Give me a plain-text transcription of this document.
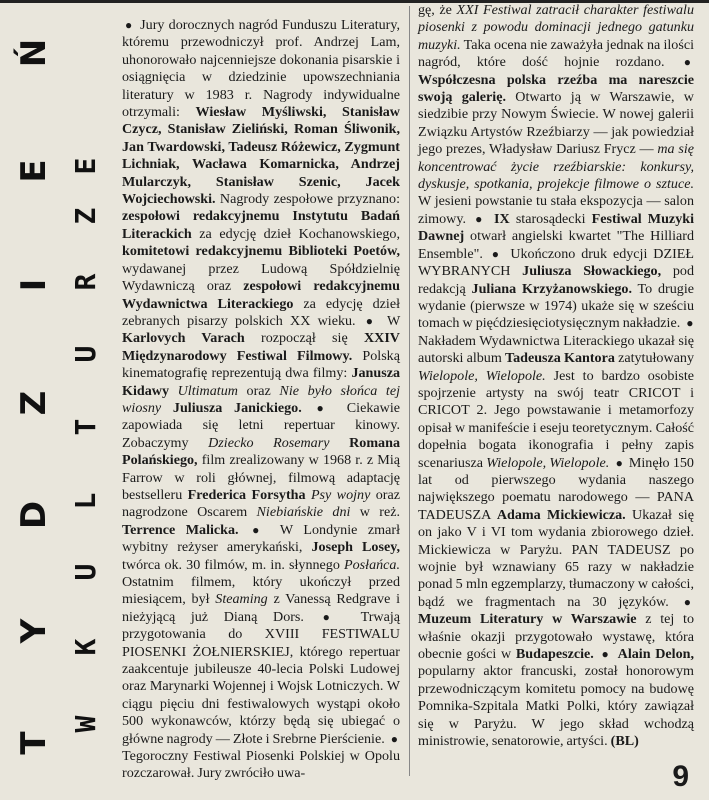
T
Y
D
Z
I
E
Ń
W
K
U
L
T
U
R
Z
E

● Jury dorocznych nagród Funduszu Literatury, któremu przewodniczył prof. Andrzej Lam, uhonorowało najcenniejsze dokonania pisarskie i osiągnięcia w dziedzinie upowszechniania literatury w 1983 r. Nagrody indywidualne otrzymali: Wiesław Myśliwski, Stanisław Czycz, Stanisław Zieliński, Roman Śliwonik, Jan Twardowski, Tadeusz Różewicz, Zygmunt Lichniak, Wacława Komarnicka, Andrzej Mularczyk, Stanisław Szenic, Jacek Wojciechowski. Nagrody zespołowe przyznano: zespołowi redakcyjnemu Instytutu Badań Literackich za edycję dzieł Kochanowskiego, komitetowi redakcyjnemu Biblioteki Poetów, wydawanej przez Ludową Spółdzielnię Wydawniczą oraz zespołowi redakcyjnemu Wydawnictwa Literackiego za edycję dzieł zebranych pisarzy polskich XX wieku. ● W Karlovych Varach rozpoczął się XXIV Międzynarodowy Festiwal Filmowy. Polską kinematografię reprezentują dwa filmy: Janusza Kidawy Ultimatum oraz Nie było słońca tej wiosny Juliusza Janickiego. ● Ciekawie zapowiada się letni repertuar kinowy. Zobaczymy Dziecko Rosemary Romana Polańskiego, film zrealizowany w 1968 r. z Mią Farrow w roli głównej, filmową adaptację bestselleru Frederica Forsytha Psy wojny oraz nagrodzone Oscarem Niebiańskie dni w reż. Terrence Malicka. ● W Londynie zmarł wybitny reżyser amerykański, Joseph Losey, twórca ok. 30 filmów, m. in. słynnego Posłańca. Ostatnim filmem, który ukończył przed miesiącem, był Steaming z Vanessą Redgrave i nieżyjącą już Dianą Dors. ● Trwają przygotowania do XVIII FESTIWALU PIOSENKI ŻOŁNIERSKIEJ, którego repertuar zaakcentuje jubileusze 40-lecia Polski Ludowej oraz Marynarki Wojennej i Wojsk Lotniczych. W ciągu pięciu dni festiwalowych wystąpi około 500 wykonawców, którzy będą się ubiegać o główne nagrody — Złote i Srebrne Pierścienie. ● Tegoroczny Festiwal Piosenki Polskiej w Opolu rozczarował. Jury zwróciło uwa-

gę, że XXI Festiwal zatracił charakter festiwalu piosenki z powodu dominacji jednego gatunku muzyki. Taka ocena nie zaważyła jednak na ilości nagród, które dość hojnie rozdano. ● Współczesna polska rzeźba ma nareszcie swoją galerię. Otwarto ją w Warszawie, w siedzibie przy Nowym Świecie. W nowej galerii Związku Artystów Rzeźbiarzy — jak powiedział jego prezes, Władysław Dariusz Frycz — ma się koncentrować życie rzeźbiarskie: konkursy, dyskusje, spotkania, projekcje filmowe o sztuce. W jesieni powstanie tu stała ekspozycja — salon zimowy. ● IX starosądecki Festiwal Muzyki Dawnej otwarł angielski kwartet "The Hilliard Ensemble". ● Ukończono druk edycji DZIEŁ WYBRANYCH Juliusza Słowackiego, pod redakcją Juliana Krzyżanowskiego. To drugie wydanie (pierwsze w 1974) ukaże się w sześciu tomach w pięćdziesięciotysięcznym nakładzie. ● Nakładem Wydawnictwa Literackiego ukazał się autorski album Tadeusza Kantora zatytułowany Wielopole, Wielopole. Jest to bardzo osobiste spojrzenie artysty na swój teatr CRICOT i CRICOT 2. Jego powstawanie i metamorfozy opisał w manifeście i eseju teoretycznym. Całość dopełnia bogata ikonografia i pełny zapis scenariusza Wielopole, Wielopole. ● Minęło 150 lat od pierwszego wydania naszego największego poematu narodowego — PANA TADEUSZA Adama Mickiewicza. Ukazał się on jako V i VI tom wydania zbiorowego dzieł. Mickiewicza w Paryżu. PAN TADEUSZ po wojnie był wznawiany 65 razy w nakładzie ponad 5 mln egzemplarzy, tłumaczony w całości, bądź we fragmentach na 30 języków. ● Muzeum Literatury w Warszawie z tej to właśnie okazji przygotowało wystawę, która obecnie gości w Budapeszcie. ● Alain Delon, popularny aktor francuski, został honorowym przewodniczącym komitetu pomocy na budowę Pomnika-Szpitala Matki Polki, który zawiązał się w Paryżu. W jego skład wchodzą ministrowie, senatorowie, artyści. (BL)

9
